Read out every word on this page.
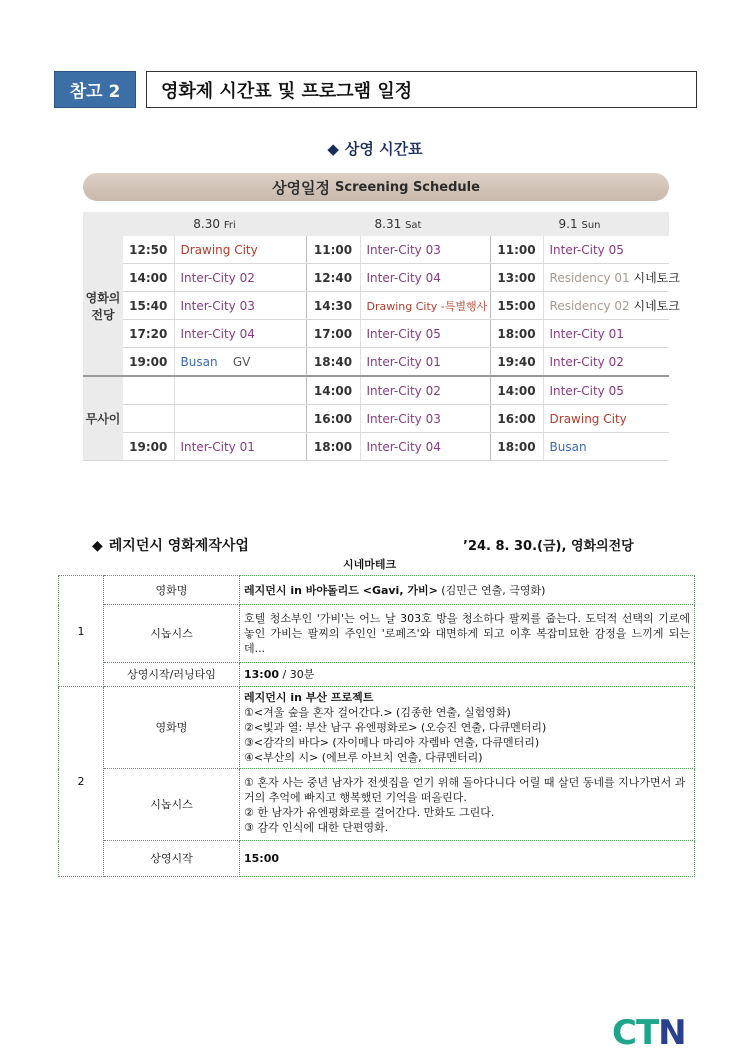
참고 2	영화제 시간표 및 프로그램 일정
◆ 상영 시간표
상영일정 Screening Schedule
	8.30 Fri		8.31 Sat		9.1 Sun	
영화의
전당	12:50	Drawing City	11:00	Inter-City 03	11:00	Inter-City 05
	14:00	Inter-City 02	12:40	Inter-City 04	13:00	Residency 01 시네토크
	15:40	Inter-City 03	14:30	Drawing City -특별행사	15:00	Residency 02 시네토크
	17:20	Inter-City 04	17:00	Inter-City 05	18:00	Inter-City 01
	19:00	Busan GV	18:40	Inter-City 01	19:40	Inter-City 02
무사이			14:00	Inter-City 02	14:00	Inter-City 05
			16:00	Inter-City 03	16:00	Drawing City
	19:00	Inter-City 01	18:00	Inter-City 04	18:00	Busan
◆ 레지던시 영화제작사업	’24. 8. 30.(금), 영화의전당
시네마테크
1	영화명	레지던시 in 바야돌리드 <Gavi, 가비> (김민근 연출, 극영화)
	시놉시스	호텔 청소부인 '가비'는 어느 날 303호 방을 청소하다 팔찌를 줍는다. 도덕적 선택의 기로에 놓인 가비는 팔찌의 주인인 '로페즈'와 대면하게 되고 이후 복잡미묘한 감정을 느끼게 되는데...
	상영시작/러닝타임	13:00 / 30분
2	영화명	레지던시 in 부산 프로젝트
①<겨울 숲을 혼자 걸어간다.> (김종한 연출, 실험영화)
②<빛과 열: 부산 남구 유엔평화로> (오승진 연출, 다큐멘터리)
③<감각의 바다> (자이메나 마리아 자렘바 연출, 다큐멘터리)
④<부산의 시> (에브루 아브치 연출, 다큐멘터리)

	시놉시스	① 혼자 사는 중년 남자가 전셋집을 얻기 위해 돌아다니다 어릴 때 살던 동네를 지나가면서 과거의 추억에 빠지고 행복했던 기억을 떠올린다.
② 한 남자가 유엔평화로를 걸어간다. 만화도 그린다.
③ 감각 인식에 대한 단편영화.

	상영시작	15:00
CTN
